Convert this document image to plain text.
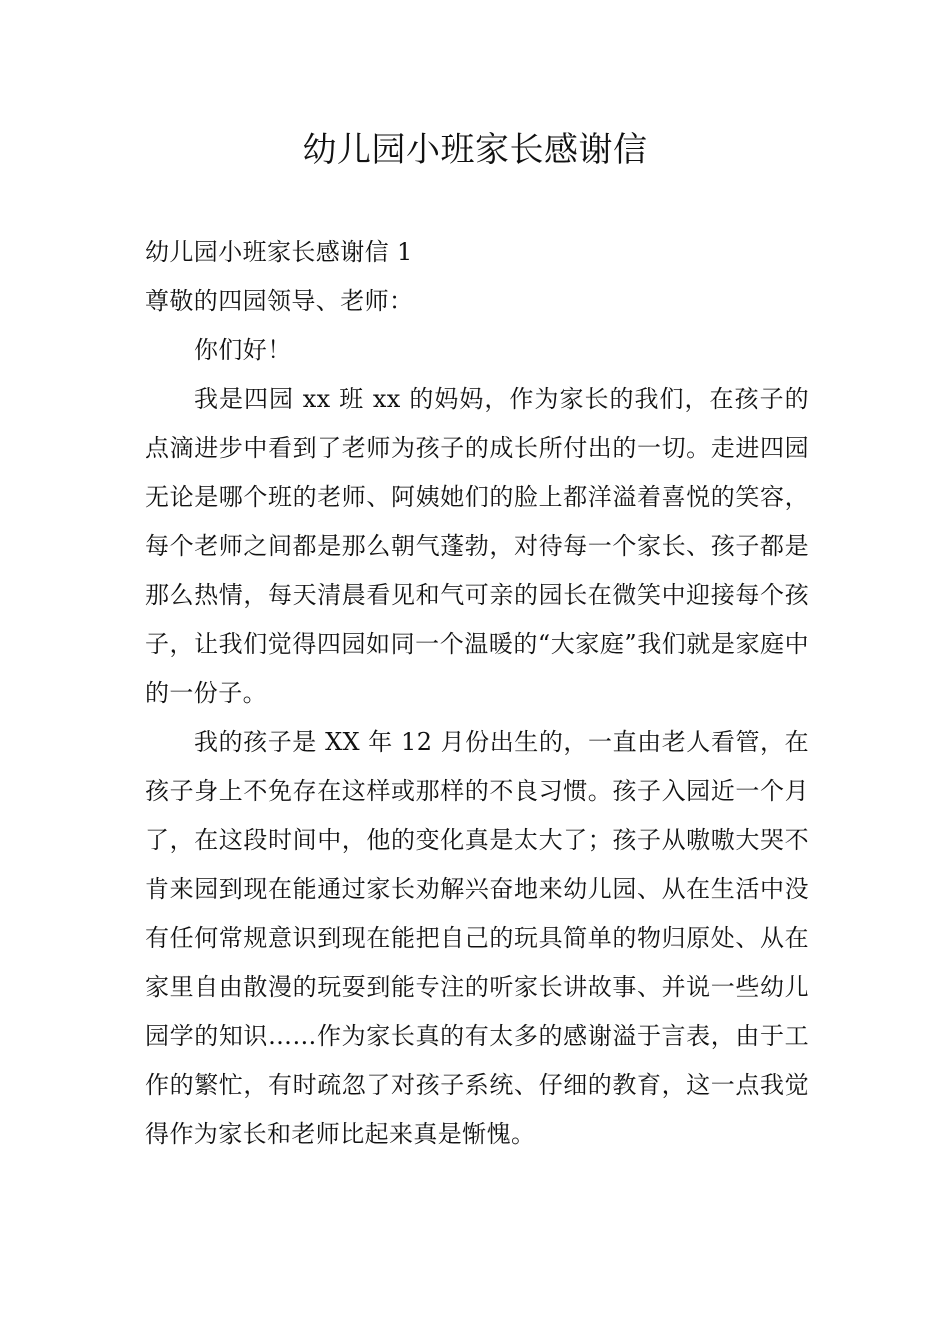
幼儿园小班家长感谢信

幼儿园小班家长感谢信 1

尊敬的四园领导、老师：

你们好！

我是四园 xx 班 xx 的妈妈，作为家长的我们，在孩子的点滴进步中看到了老师为孩子的成长所付出的一切。走进四园无论是哪个班的老师、阿姨她们的脸上都洋溢着喜悦的笑容，每个老师之间都是那么朝气蓬勃，对待每一个家长、孩子都是那么热情，每天清晨看见和气可亲的园长在微笑中迎接每个孩子，让我们觉得四园如同一个温暖的“大家庭”我们就是家庭中的一份子。

我的孩子是 XX 年 12 月份出生的，一直由老人看管，在孩子身上不免存在这样或那样的不良习惯。孩子入园近一个月了，在这段时间中，他的变化真是太大了；孩子从嗷嗷大哭不肯来园到现在能通过家长劝解兴奋地来幼儿园、从在生活中没有任何常规意识到现在能把自己的玩具简单的物归原处、从在家里自由散漫的玩耍到能专注的听家长讲故事、并说一些幼儿园学的知识……作为家长真的有太多的感谢溢于言表，由于工作的繁忙，有时疏忽了对孩子系统、仔细的教育，这一点我觉得作为家长和老师比起来真是惭愧。
